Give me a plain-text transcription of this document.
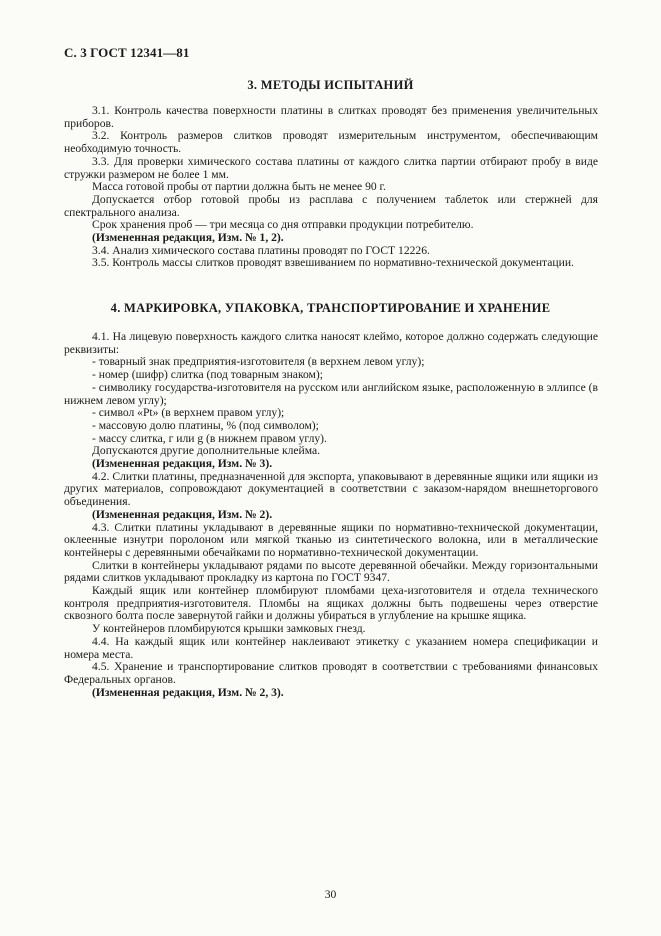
С. 3 ГОСТ 12341—81
3. МЕТОДЫ ИСПЫТАНИЙ

3.1. Контроль качества поверхности платины в слитках проводят без применения увеличительных приборов.

3.2. Контроль размеров слитков проводят измерительным инструментом, обеспечивающим необходимую точность.

3.3. Для проверки химического состава платины от каждого слитка партии отбирают пробу в виде стружки размером не более 1 мм.

Масса готовой пробы от партии должна быть не менее 90 г.

Допускается отбор готовой пробы из расплава с получением таблеток или стержней для спектрального анализа.

Срок хранения проб — три месяца со дня отправки продукции потребителю.

(Измененная редакция, Изм. № 1, 2).

3.4. Анализ химического состава платины проводят по ГОСТ 12226.

3.5. Контроль массы слитков проводят взвешиванием по нормативно-технической документации.

4. МАРКИРОВКА, УПАКОВКА, ТРАНСПОРТИРОВАНИЕ И ХРАНЕНИЕ

4.1. На лицевую поверхность каждого слитка наносят клеймо, которое должно содержать следующие реквизиты:

- товарный знак предприятия-изготовителя (в верхнем левом углу);

- номер (шифр) слитка (под товарным знаком);

- символику государства-изготовителя на русском или английском языке, расположенную в эллипсе (в нижнем левом углу);

- символ «Pt» (в верхнем правом углу);

- массовую долю платины, % (под символом);

- массу слитка, г или g (в нижнем правом углу).

Допускаются другие дополнительные клейма.

(Измененная редакция, Изм. № 3).

4.2. Слитки платины, предназначенной для экспорта, упаковывают в деревянные ящики или ящики из других материалов, сопровождают документацией в соответствии с заказом-нарядом внешнеторгового объединения.

(Измененная редакция, Изм. № 2).

4.3. Слитки платины укладывают в деревянные ящики по нормативно-технической документации, оклеенные изнутри поролоном или мягкой тканью из синтетического волокна, или в металлические контейнеры с деревянными обечайками по нормативно-технической документации.

Слитки в контейнеры укладывают рядами по высоте деревянной обечайки. Между горизонтальными рядами слитков укладывают прокладку из картона по ГОСТ 9347.

Каждый ящик или контейнер пломбируют пломбами цеха-изготовителя и отдела технического контроля предприятия-изготовителя. Пломбы на ящиках должны быть подвешены через отверстие сквозного болта после завернутой гайки и должны убираться в углубление на крышке ящика.

У контейнеров пломбируются крышки замковых гнезд.

4.4. На каждый ящик или контейнер наклеивают этикетку с указанием номера спецификации и номера места.

4.5. Хранение и транспортирование слитков проводят в соответствии с требованиями финансовых Федеральных органов.

(Измененная редакция, Изм. № 2, 3).

30
